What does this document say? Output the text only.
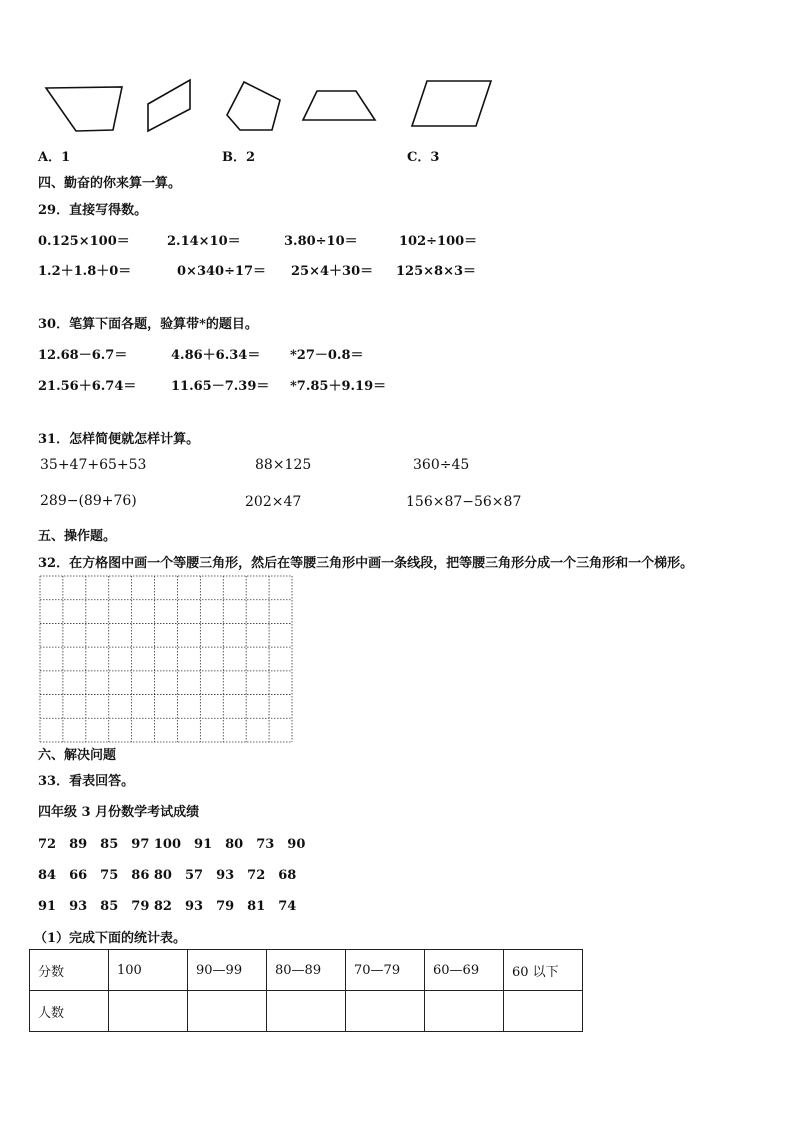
A．1	B．2	C．3
四、勤奋的你来算一算。
29．直接写得数。
0.125×100＝	2.14×10＝	3.80÷10＝	102÷100＝
1.2＋1.8＋0＝	0×340÷17＝ 25×4＋30＝ 125×8×3＝
30．笔算下面各题，验算带*的题目。
12.68－6.7＝	4.86＋6.34＝ *27－0.8＝
21.56＋6.74＝	11.65－7.39＝ *7.85＋9.19＝
31．怎样简便就怎样计算。
35+47+65+53	88×125	360÷45
289−(89+76)	202×47	156×87−56×87
五、操作题。
32．在方格图中画一个等腰三角形，然后在等腰三角形中画一条线段，把等腰三角形分成一个三角形和一个梯形。
六、解决问题
33．看表回答。
四年级 3 月份数学考试成绩
72　89　85　97 100　91　80　73　90
84　66　75　86 80　57　93　72　68
91　93　85　79 82　93　79　81　74
（1）完成下面的统计表。
分数	100	90—99	80—89	70—79	60—69	60 以下
人数						
